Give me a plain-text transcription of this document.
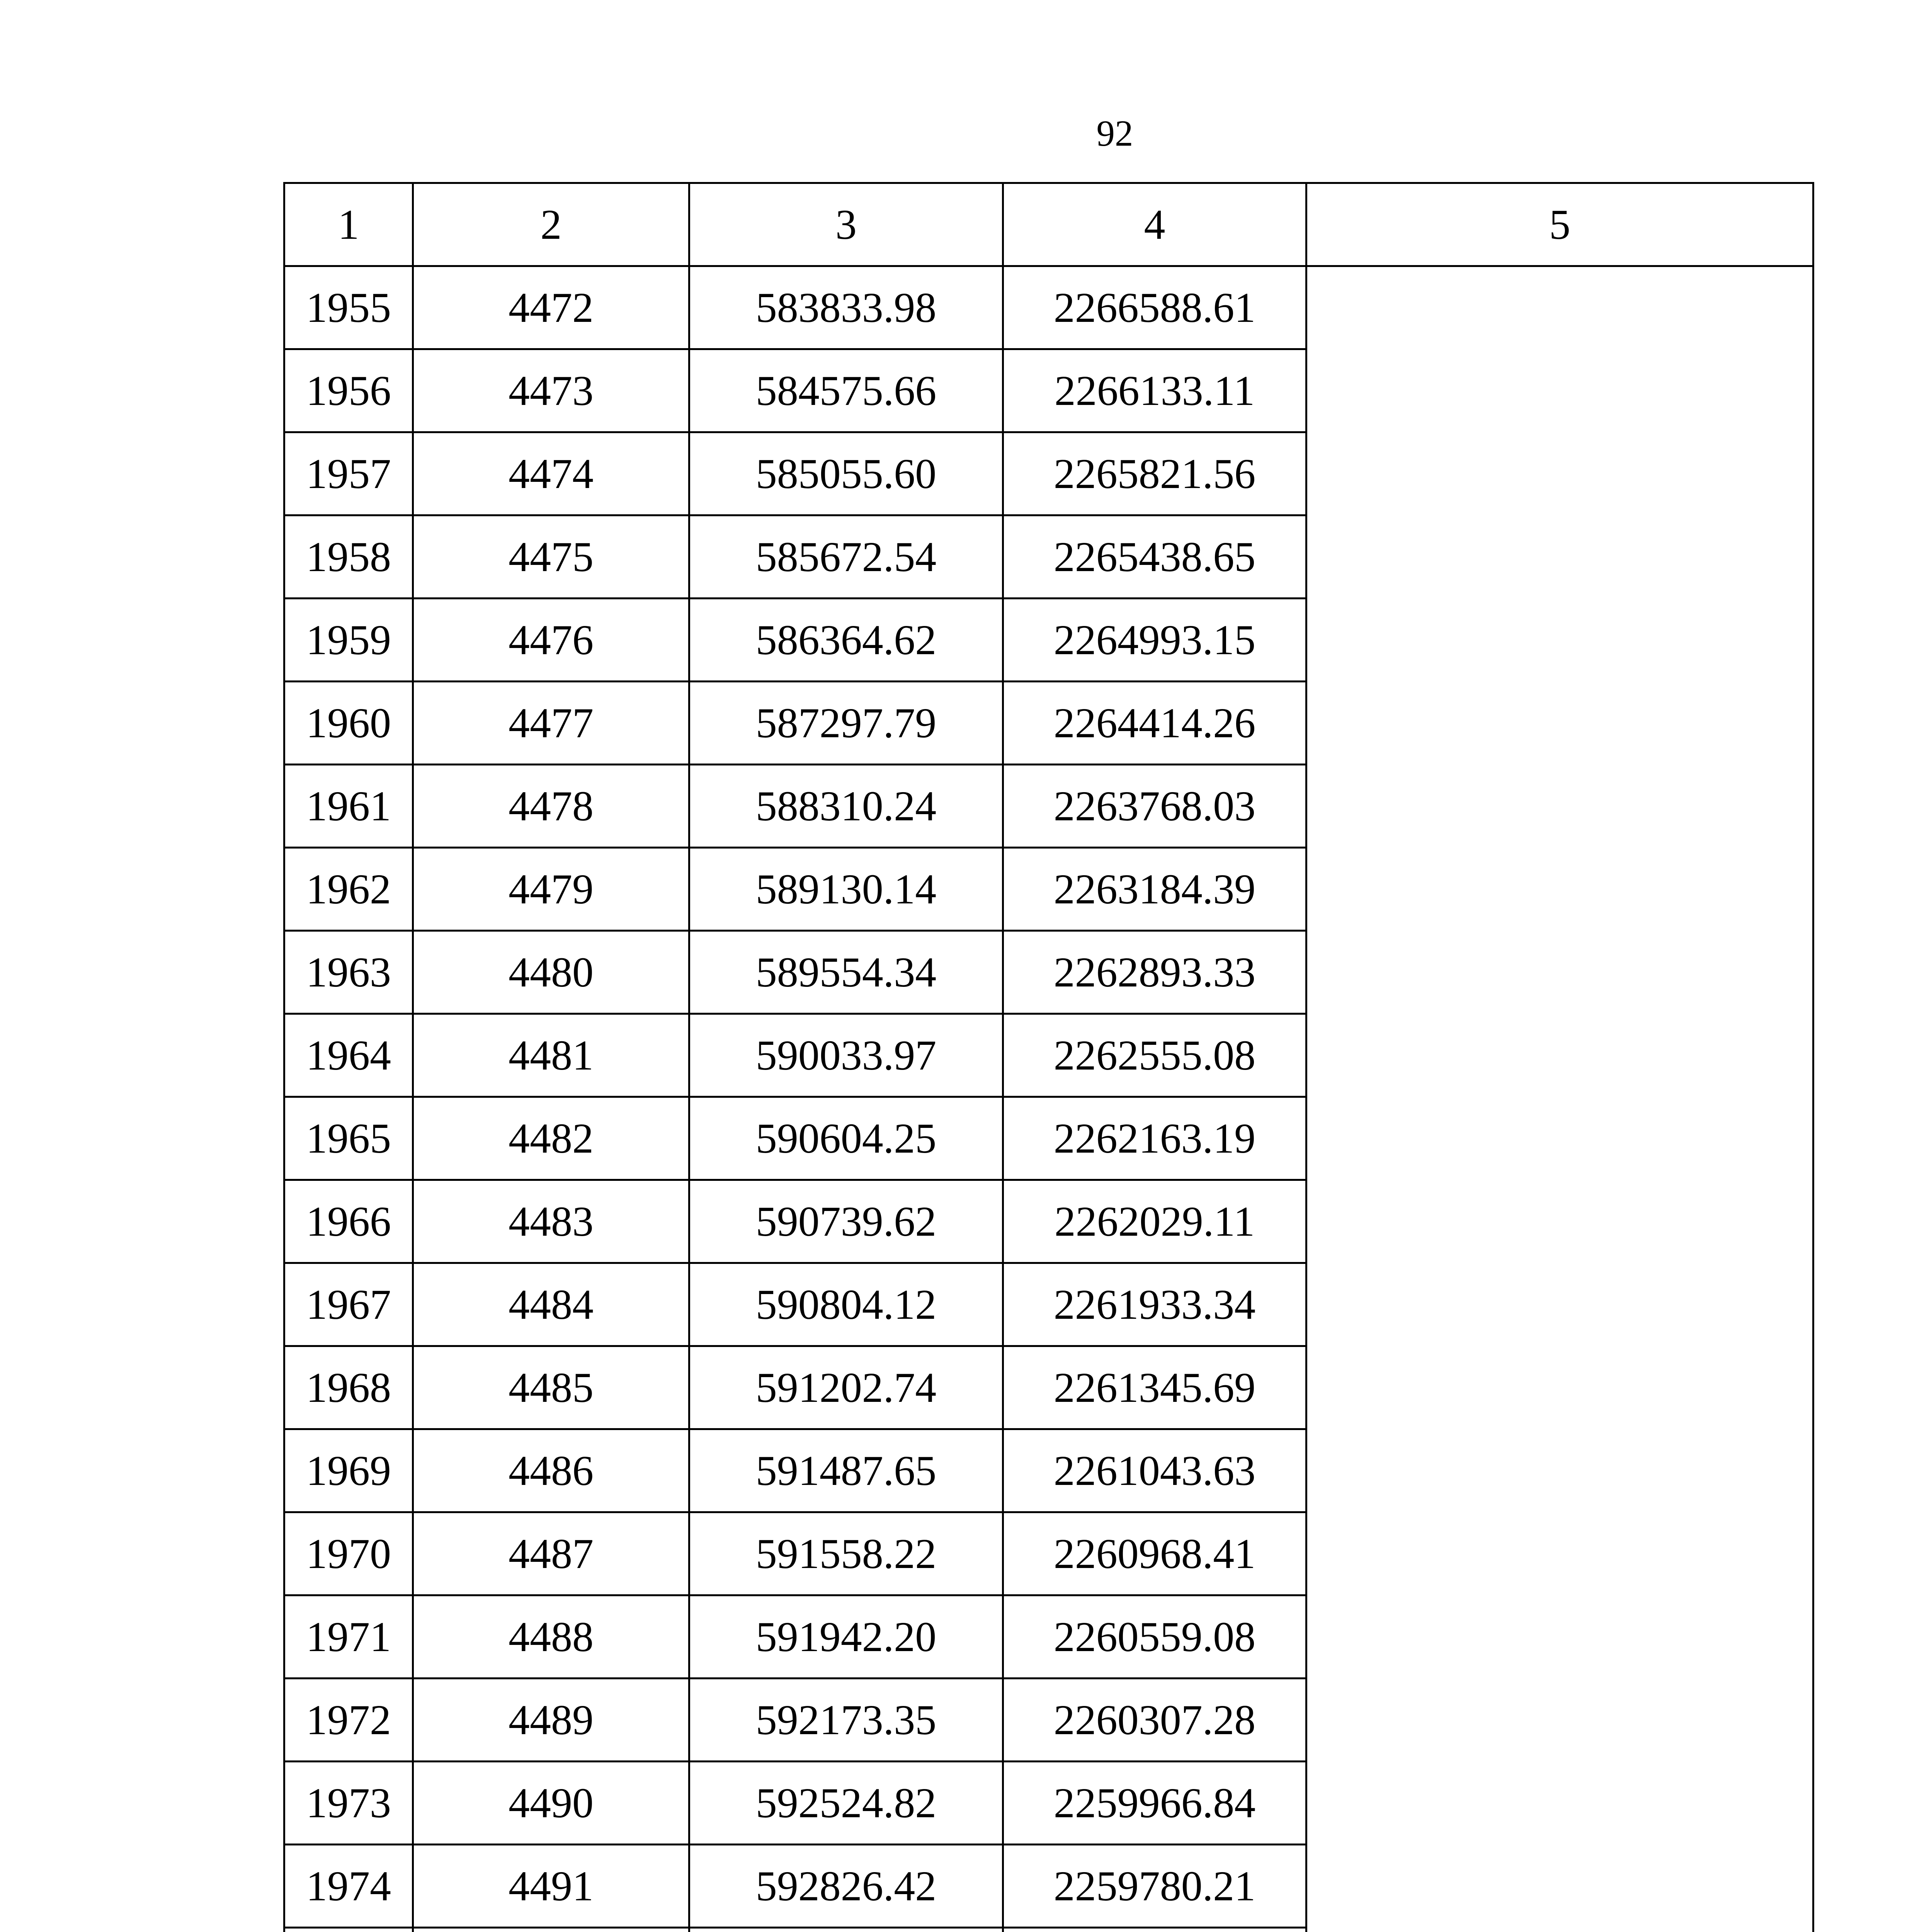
92
1	2	3	4	5
1955	4472	583833.98	2266588.61	
1956	4473	584575.66	2266133.11	
1957	4474	585055.60	2265821.56	
1958	4475	585672.54	2265438.65	
1959	4476	586364.62	2264993.15	
1960	4477	587297.79	2264414.26	
1961	4478	588310.24	2263768.03	
1962	4479	589130.14	2263184.39	
1963	4480	589554.34	2262893.33	
1964	4481	590033.97	2262555.08	
1965	4482	590604.25	2262163.19	
1966	4483	590739.62	2262029.11	
1967	4484	590804.12	2261933.34	
1968	4485	591202.74	2261345.69	
1969	4486	591487.65	2261043.63	
1970	4487	591558.22	2260968.41	
1971	4488	591942.20	2260559.08	
1972	4489	592173.35	2260307.28	
1973	4490	592524.82	2259966.84	
1974	4491	592826.42	2259780.21	
